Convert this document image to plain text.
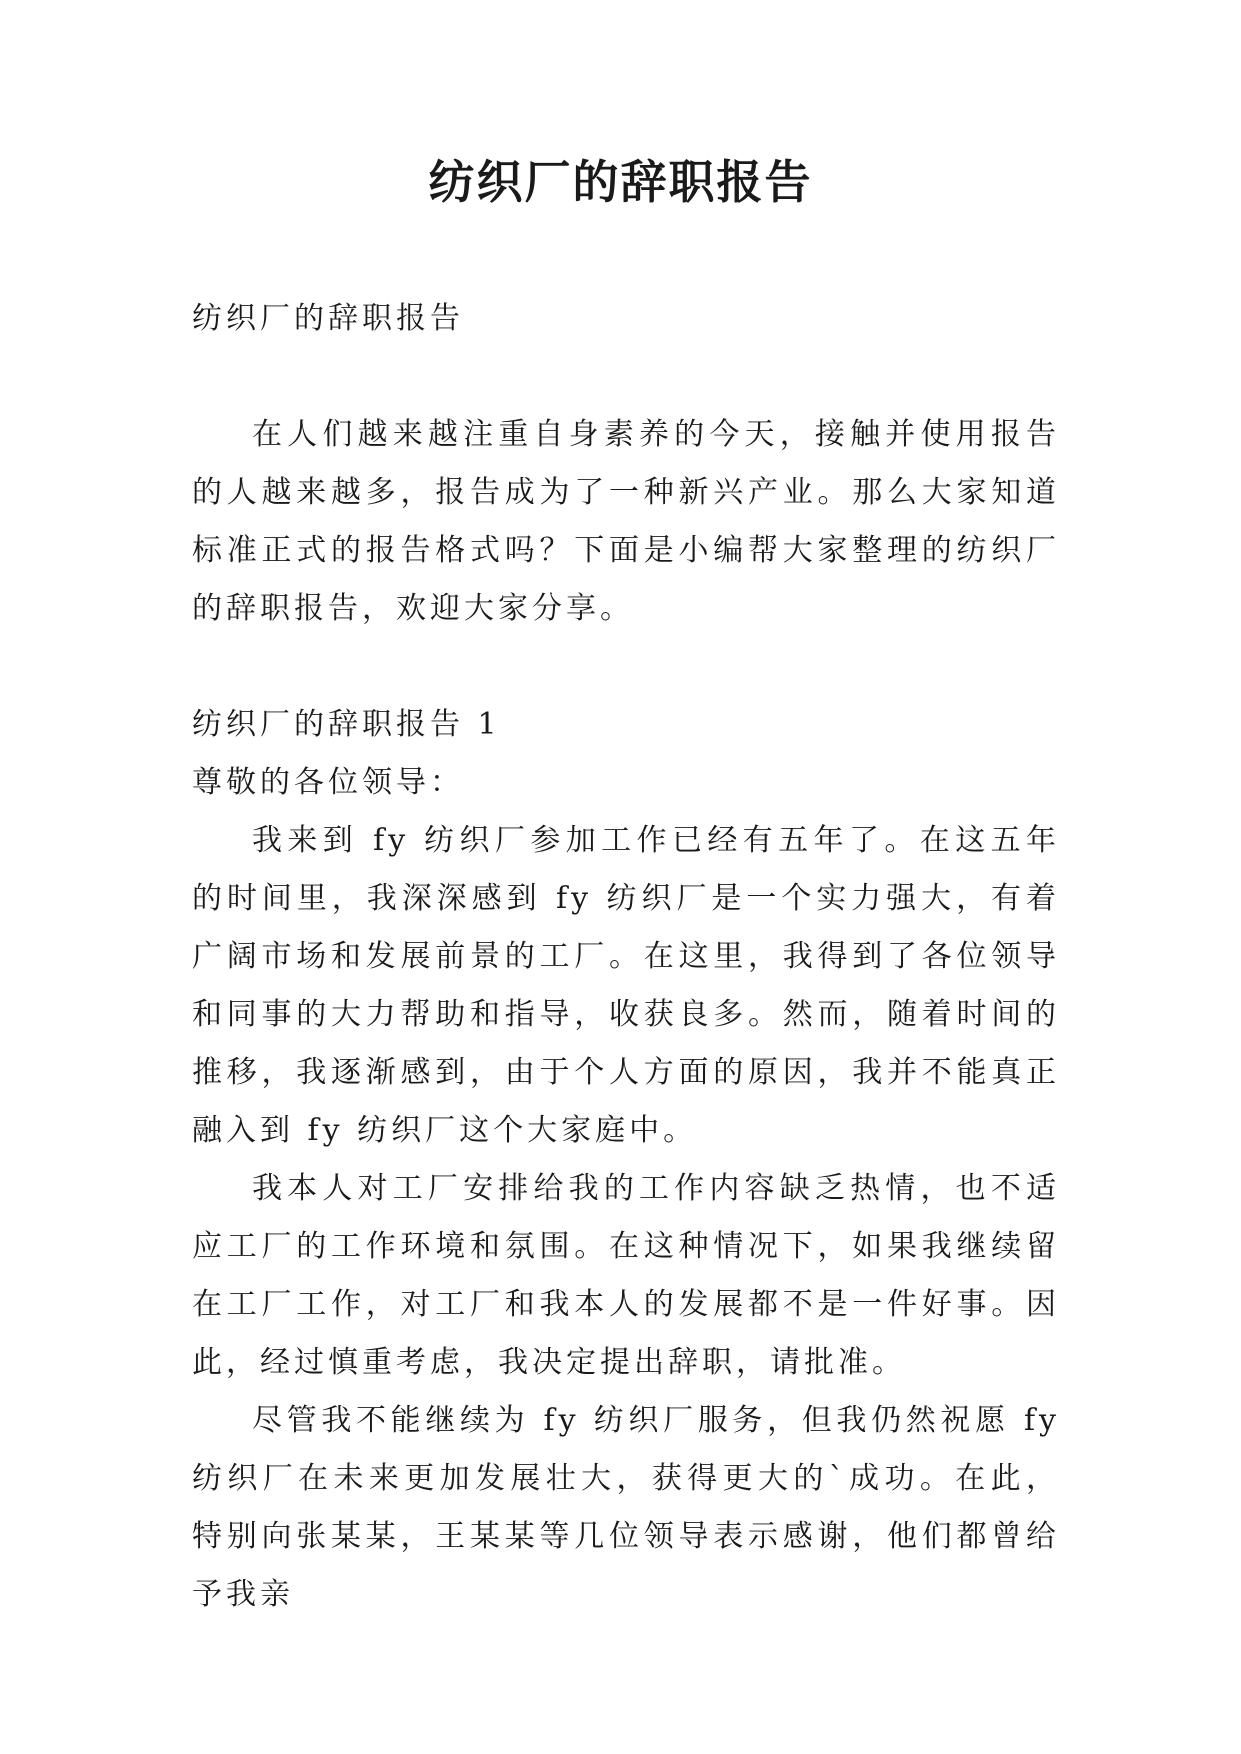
纺织厂的辞职报告

纺织厂的辞职报告

在人们越来越注重自身素养的今天，接触并使用报告的人越来越多，报告成为了一种新兴产业。那么大家知道标准正式的报告格式吗？下面是小编帮大家整理的纺织厂的辞职报告，欢迎大家分享。

纺织厂的辞职报告 1

尊敬的各位领导：

我来到 fy 纺织厂参加工作已经有五年了。在这五年的时间里，我深深感到 fy 纺织厂是一个实力强大，有着广阔市场和发展前景的工厂。在这里，我得到了各位领导和同事的大力帮助和指导，收获良多。然而，随着时间的推移，我逐渐感到，由于个人方面的原因，我并不能真正融入到 fy 纺织厂这个大家庭中。

我本人对工厂安排给我的工作内容缺乏热情，也不适应工厂的工作环境和氛围。在这种情况下，如果我继续留在工厂工作，对工厂和我本人的发展都不是一件好事。因此，经过慎重考虑，我决定提出辞职，请批准。

尽管我不能继续为 fy 纺织厂服务，但我仍然祝愿 fy 纺织厂在未来更加发展壮大，获得更大的`成功。在此，特别向张某某，王某某等几位领导表示感谢，他们都曾给予我亲
